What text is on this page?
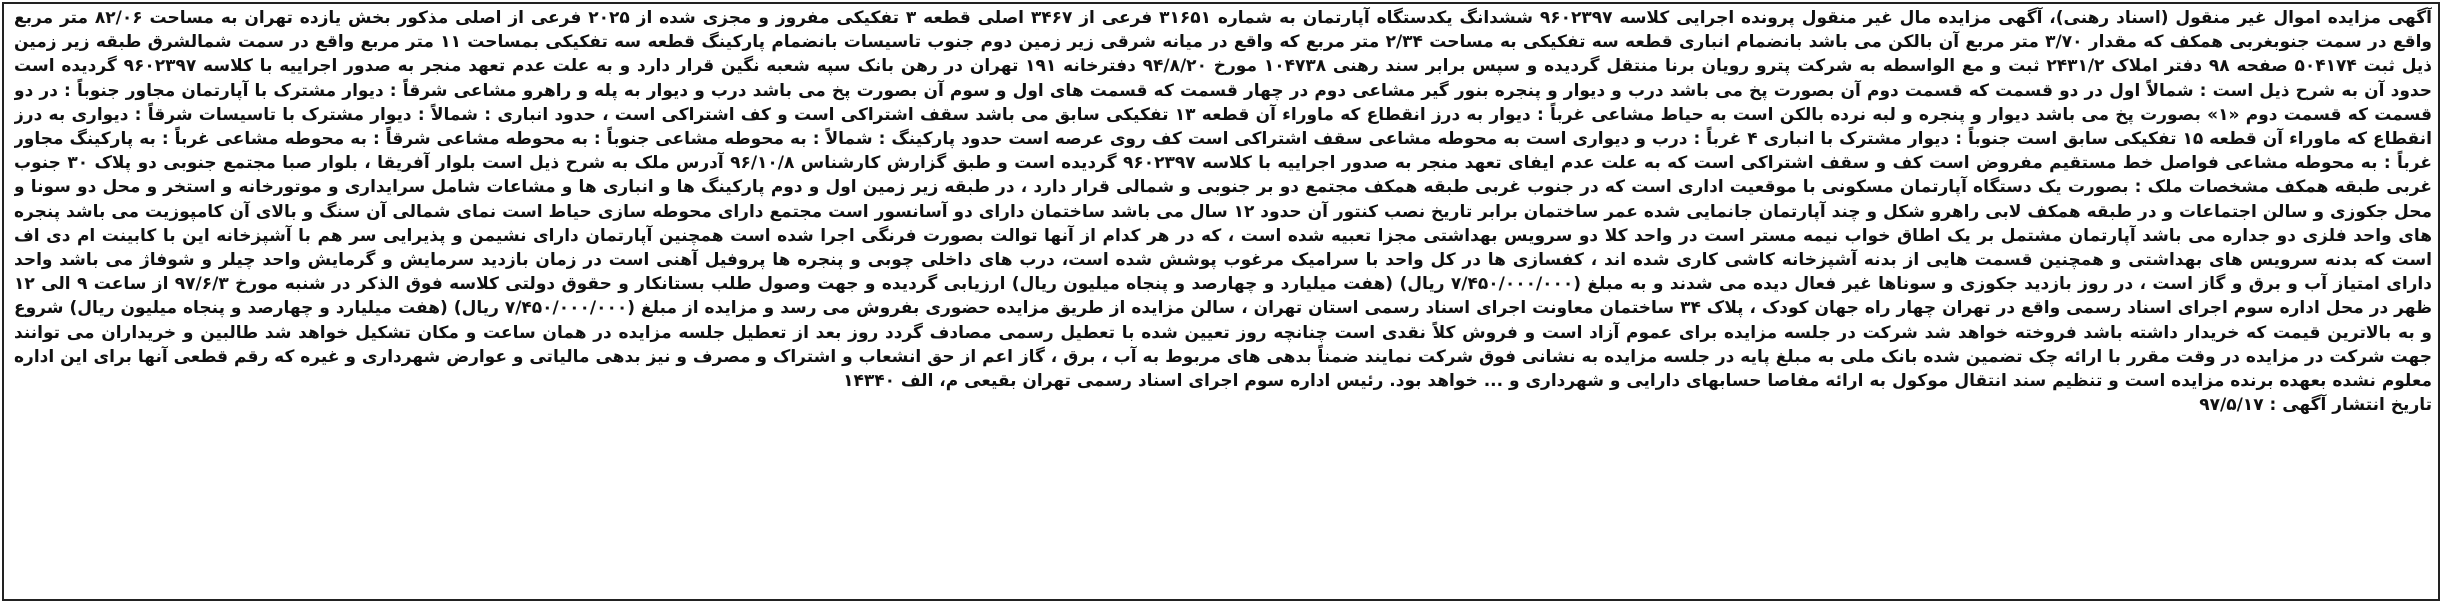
آگهی مزایده اموال غیر منقول (اسناد رهنی)، آگهی مزایده مال غیر منقول پرونده اجرایی کلاسه ۹۶۰۲۳۹۷ ششدانگ یکدستگاه آپارتمان به شماره ۳۱۶۵۱ فرعی از ۳۴۶۷ اصلی قطعه ۳ تفکیکی مفروز و مجزی شده از ۲۰۲۵ فرعی از اصلی مذکور بخش یازده تهران به مساحت ۸۲/۰۶ متر مربع واقع در سمت جنوبغربی همکف که مقدار ۳/۷۰ متر مربع آن بالکن می باشد بانضمام انباری قطعه سه تفکیکی به مساحت ۲/۳۴ متر مربع که واقع در میانه شرقی زیر زمین دوم جنوب تاسیسات بانضمام پارکینگ قطعه سه تفکیکی بمساحت ۱۱ متر مربع واقع در سمت شمالشرق طبقه زیر زمین ذیل ثبت ۵۰۴۱۷۴ صفحه ۹۸ دفتر املاک ۲۴۳۱/۲ ثبت و مع الواسطه به شرکت پترو رویان برنا منتقل گردیده و سپس برابر سند رهنی ۱۰۴۷۳۸ مورخ ۹۴/۸/۲۰ دفترخانه ۱۹۱ تهران در رهن بانک سپه شعبه نگین قرار دارد و به علت عدم تعهد منجر به صدور اجراییه با کلاسه ۹۶۰۲۳۹۷ گردیده است حدود آن به شرح ذیل است : شمالاً اول در دو قسمت که قسمت دوم آن بصورت پخ می باشد درب و دیوار و پنجره بنور گیر مشاعی دوم در چهار قسمت که قسمت های اول و سوم آن بصورت پخ می باشد درب و دیوار به پله و راهرو مشاعی شرقاً : دیوار مشترک با آپارتمان مجاور جنوباً : در دو قسمت که قسمت دوم «۱» بصورت پخ می باشد دیوار و پنجره و لبه نرده بالکن است به حیاط مشاعی غرباً : دیوار به درز انقطاع که ماوراء آن قطعه ۱۳ تفکیکی سابق می باشد سقف اشتراکی است و کف اشتراکی است ، حدود انباری : شمالاً : دیوار مشترک با تاسیسات شرقاً : دیواری به درز انقطاع که ماوراء آن قطعه ۱۵ تفکیکی سابق است جنوباً : دیوار مشترک با انباری ۴ غرباً : درب و دیواری است به محوطه مشاعی سقف اشتراکی است کف روی عرصه است حدود پارکینگ : شمالاً : به محوطه مشاعی جنوباً : به محوطه مشاعی شرقاً : به محوطه مشاعی غرباً : به پارکینگ مجاور غرباً : به محوطه مشاعی فواصل خط مستقیم مفروض است کف و سقف اشتراکی است که به علت عدم ایفای تعهد منجر به صدور اجراییه با کلاسه ۹۶۰۲۳۹۷ گردیده است و طبق گزارش کارشناس ۹۶/۱۰/۸ آدرس ملک به شرح ذیل است بلوار آفریقا ، بلوار صبا مجتمع جنوبی دو پلاک ۳۰ جنوب غربی طبقه همکف مشخصات ملک : بصورت یک دستگاه آپارتمان مسکونی با موقعیت اداری است که در جنوب غربی طبقه همکف مجتمع دو بر جنوبی و شمالی قرار دارد ، در طبقه زیر زمین اول و دوم پارکینگ ها و انباری ها و مشاعات شامل سرایداری و موتورخانه و استخر و محل دو سونا و محل جکوزی و سالن اجتماعات و در طبقه همکف لابی راهرو شکل و چند آپارتمان جانمایی شده عمر ساختمان برابر تاریخ نصب کنتور آن حدود ۱۲ سال می باشد ساختمان دارای دو آسانسور است مجتمع دارای محوطه سازی حیاط است نمای شمالی آن سنگ و بالای آن کامپوزیت می باشد پنجره های واحد فلزی دو جداره می باشد آپارتمان مشتمل بر یک اطاق خواب نیمه مستر است در واحد کلا دو سرویس بهداشتی مجزا تعبیه شده است ، که در هر کدام از آنها توالت بصورت فرنگی اجرا شده است همچنین آپارتمان دارای نشیمن و پذیرایی سر هم با آشپزخانه این با کابینت ام دی اف است که بدنه سرویس های بهداشتی و همچنین قسمت هایی از بدنه آشپزخانه کاشی کاری شده اند ، کفسازی ها در کل واحد با سرامیک مرغوب پوشش شده است، درب های داخلی چوبی و پنجره ها پروفیل آهنی است در زمان بازدید سرمایش و گرمایش واحد چیلر و شوفاژ می باشد واحد دارای امتیاز آب و برق و گاز است ، در روز بازدید جکوزی و سوناها غیر فعال دیده می شدند و به مبلغ (۷/۴۵۰/۰۰۰/۰۰۰ ریال) (هفت میلیارد و چهارصد و پنجاه میلیون ریال) ارزیابی گردیده و جهت وصول طلب بستانکار و حقوق دولتی کلاسه فوق الذکر در شنبه مورخ ۹۷/۶/۳ از ساعت ۹ الی ۱۲ ظهر در محل اداره سوم اجرای اسناد رسمی واقع در تهران چهار راه جهان کودک ، پلاک ۳۴ ساختمان معاونت اجرای اسناد رسمی استان تهران ، سالن مزایده از طریق مزایده حضوری بفروش می رسد و مزایده از مبلغ (۷/۴۵۰/۰۰۰/۰۰۰ ریال) (هفت میلیارد و چهارصد و پنجاه میلیون ریال) شروع و به بالاترین قیمت که خریدار داشته باشد فروخته خواهد شد شرکت در جلسه مزایده برای عموم آزاد است و فروش کلاً نقدی است چنانچه روز تعیین شده با تعطیل رسمی مصادف گردد روز بعد از تعطیل جلسه مزایده در همان ساعت و مکان تشکیل خواهد شد طالبین و خریداران می توانند جهت شرکت در مزایده در وقت مقرر با ارائه چک تضمین شده بانک ملی به مبلغ پایه در جلسه مزایده به نشانی فوق شرکت نمایند ضمناً بدهی های مربوط به آب ، برق ، گاز اعم از حق انشعاب و اشتراک و مصرف و نیز بدهی مالیاتی و عوارض شهرداری و غیره که رقم قطعی آنها برای این اداره معلوم نشده بعهده برنده مزایده است و تنظیم سند انتقال موکول به ارائه مفاصا حسابهای دارایی و شهرداری و ... خواهد بود. رئیس اداره سوم اجرای اسناد رسمی تهران بقیعی م، الف ۱۴۳۴۰
تاریخ انتشار آگهی : ۹۷/۵/۱۷
